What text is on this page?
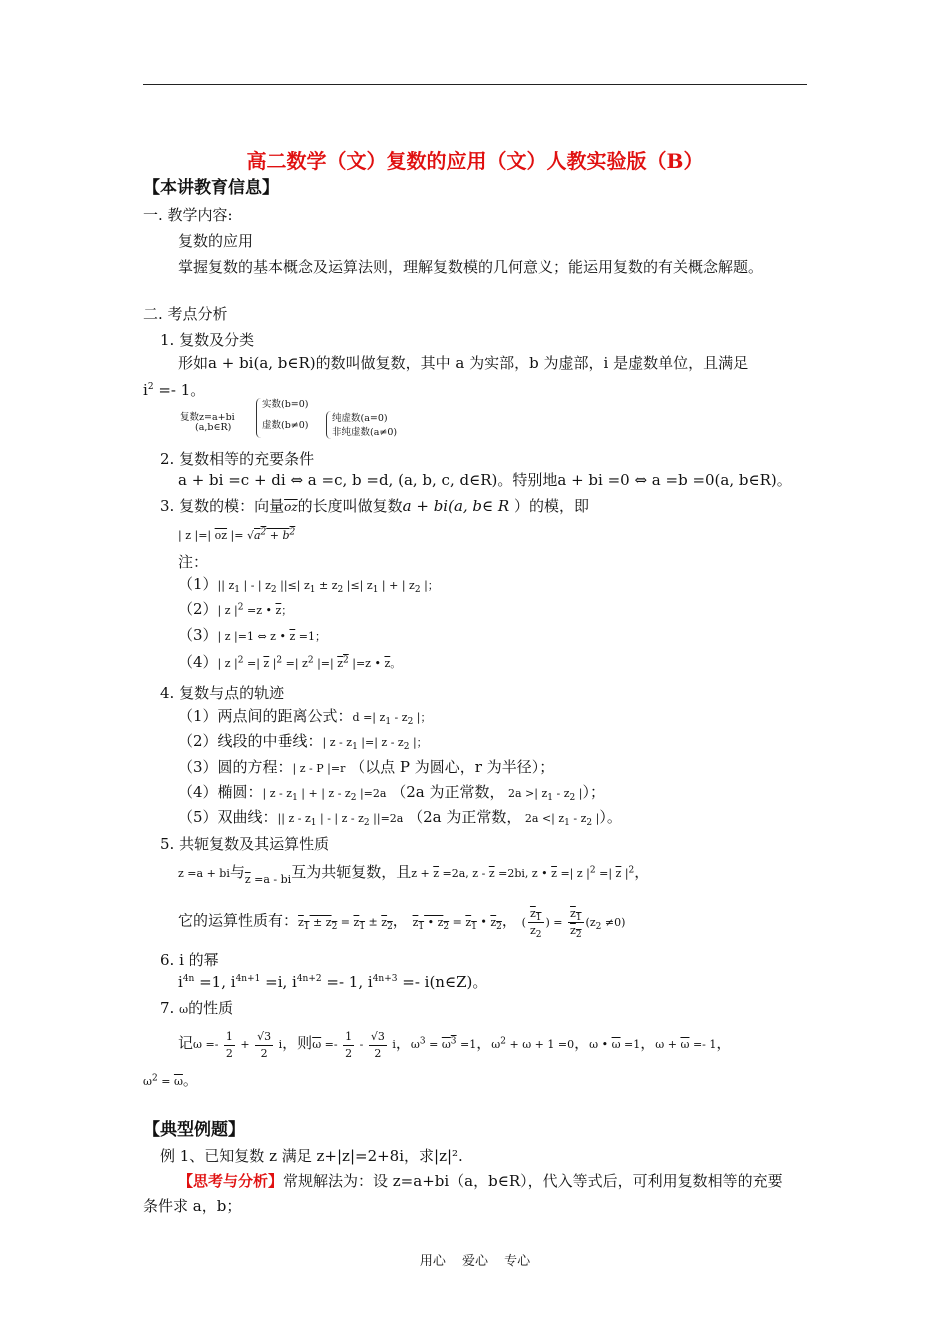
高二数学（文）复数的应用（文）人教实验版（B）
【本讲教育信息】
一. 教学内容:
复数的应用
掌握复数的基本概念及运算法则，理解复数模的几何意义；能运用复数的有关概念解题。
二. 考点分析
1. 复数及分类
形如a + bi(a, b∈R)的数叫做复数，其中 a 为实部，b 为虚部，i 是虚数单位，且满足
$i^2 =- 1$。
复数z=a+bi
(a,b∈R)
实数(b=0)
虚数(b≠0)
纯虚数(a=0)
非纯虚数(a≠0)
2. 复数相等的充要条件
a + bi =c + di ⇔ a =c, b =d, (a, b, c, d∈R)。特别地a + bi =0 ⇔ a =b =0(a, b∈R)。
3. 复数的模：向量$\overline{oz}$的长度叫做复数a + bi(a, b∈ R ）的模，即
| z |=| $\overline{oz}$ |= $√a^2 + b^2$
注：
（1）|| $z_1$ | - | $z_2$ ||≤| $z_1 \pm z_2$ |≤| $z_1$ | + | $z_2$ |；
（2）| z $|^2 =z$ • $\overline{z}$；
（3）| z |=1 ⇔ z • $\overline{z} =1$；
（4）| z $|^2$ =| $\overline{z}$ $|^2$ =| $z^2$ |=| $z^2$ |=z • $\overline{z}$。
4. 复数与点的轨迹
（1）两点间的距离公式：d =| $z_1 - z_2$ |；
（2）线段的中垂线：| z - $z_1$ |=| z - $z_2$ |；
（3）圆的方程：| z - P |=r （以点 P 为圆心，r 为半径）；
（4）椭圆：| z - $z_1$ | + | z - $z_2$ |=2a （2a 为正常数， 2a >| $z_1 - z_2$ |）；
（5）双曲线：|| z - $z_1$ | - | z - $z_2$ ||=2a （2a 为正常数， 2a <| $z_1 - z_2$ |）。
5. 共轭复数及其运算性质
z =a + bi与$_{\overline{z} =a - bi}$互为共轭复数，且$z + \overline{z} =2a$, $z - \overline{z} =2bi$, z • $\overline{z}$ =| z $|^2$ =| $\overline{z}$ $|^2$，
它的运算性质有：$z_1 \pm z_2 = z_1 \pm z_2$， $z_1$ • $z_2 = z_1$ • $z_2$， ( $\frac{z_1}{z_2}$ ) = $\frac{z_1}{z_2} (z_2 \ne 0)$
6. i 的幂
$i^{4n} =1$, $i^{4n+1} =i$, $i^{4n+2} =- 1$, $i^{4n+3}$ =- i(n∈Z)。
7. ω的性质
记$\omega =- \frac{1}{2} + \frac{√3}{2}$ i，则$\overline{\omega} =- \frac{1}{2} - \frac{√3}{2}$ i，$\omega^3 = \omega^3 =1$，$\omega^2 + \omega + 1 =0$，ω • $\overline{\omega} =1$，$\omega + \overline{\omega} =- 1$，
$\omega^2 = \overline{\omega}$。
【典型例题】
例 1、已知复数 z 满足 z+|z|=2+8i，求|z|².
【思考与分析】常规解法为：设 z=a+bi（a，b∈R），代入等式后，可利用复数相等的充要
条件求 a，b；
用心 爱心 专心
